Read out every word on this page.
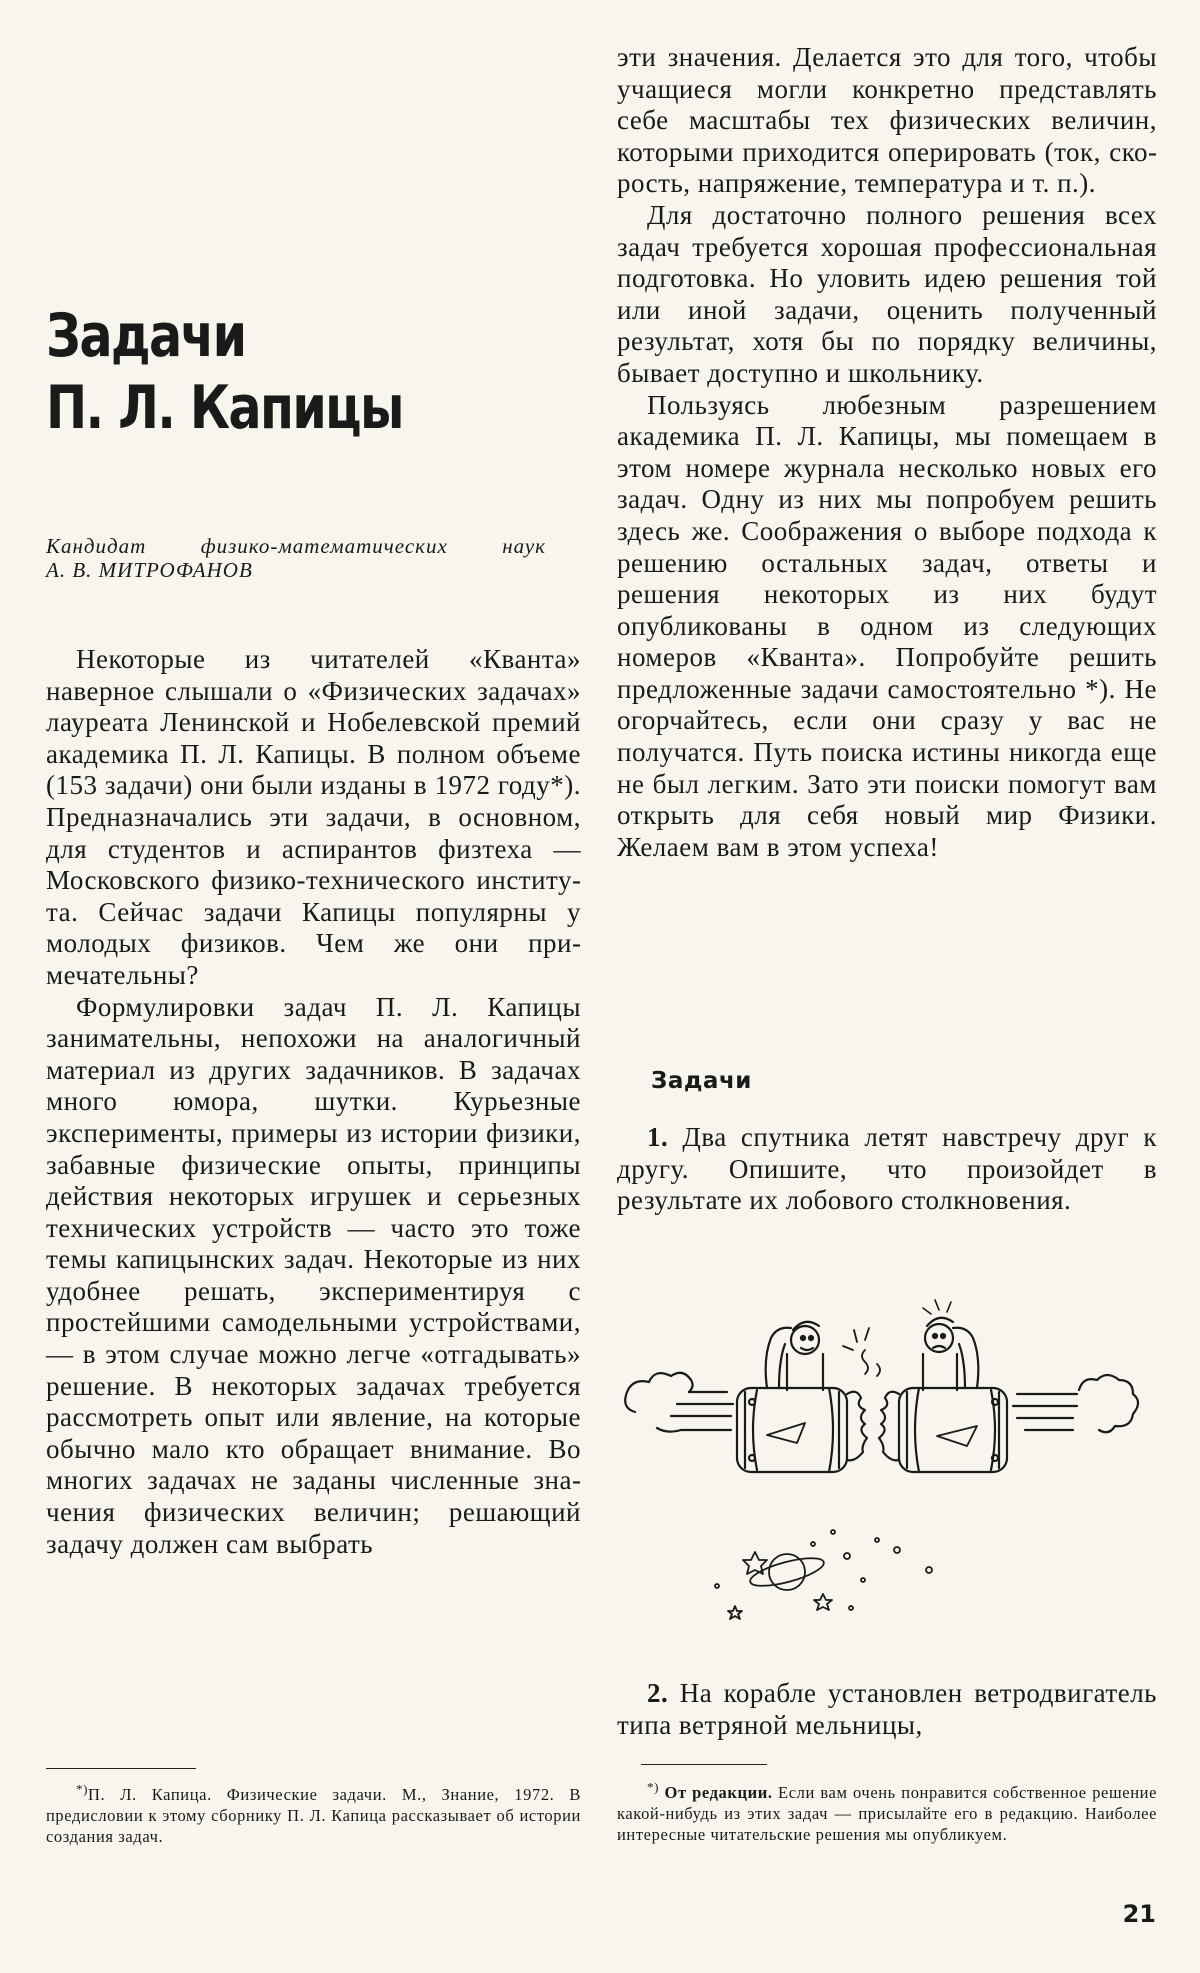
Задачи
П. Л. Капицы
Кандидат физико-математических наук
А. В. МИТРОФАНОВ

Некоторые из читателей «Кванта» наверное слышали о «Физических задачах» лауреата Ленинской и Нобелевской премий академика П. Л. Капицы. В полном объеме (153 задачи) они были изданы в 1972 году*). Предназначались эти задачи, в основном, для студентов и аспирантов физтеха — Московского физико-технического института. Сейчас задачи Капицы популярны у молодых физиков. Чем же они примечательны?

Формулировки задач П. Л. Капицы занимательны, непохожи на аналогичный материал из других задачников. В задачах много юмора, шутки. Курьезные эксперименты, примеры из истории физики, забавные физические опыты, принципы действия некоторых игрушек и серьезных технических устройств — часто это тоже темы капицынских задач. Некоторые из них удобнее решать, экспериментируя с простейшими самодельными устройствами,— в этом случае можно легче «отгадывать» решение. В некоторых задачах требуется рассмотреть опыт или явление, на которые обычно мало кто обращает внимание. Во многих задачах не заданы численные значения физических величин; решающий задачу должен сам выбрать

*)П. Л. Капица. Физические задачи. М., Знание, 1972. В предисловии к этому сборнику П. Л. Капица рассказывает об истории создания задач.

эти значения. Делается это для того, чтобы учащиеся могли конкретно представлять себе масштабы тех физических величин, которыми приходится оперировать (ток, скорость, напряжение, температура и т. п.).

Для достаточно полного решения всех задач требуется хорошая профессиональная подготовка. Но уловить идею решения той или иной задачи, оценить полученный результат, хотя бы по порядку величины, бывает доступно и школьнику.

Пользуясь любезным разрешением академика П. Л. Капицы, мы помещаем в этом номере журнала несколько новых его задач. Одну из них мы попробуем решить здесь же. Соображения о выборе подхода к решению остальных задач, ответы и решения некоторых из них будут опубликованы в одном из следующих номеров «Кванта». Попробуйте решить предложенные задачи самостоятельно *). Не огорчайтесь, если они сразу у вас не получатся. Путь поиска истины никогда еще не был легким. Зато эти поиски помогут вам открыть для себя новый мир Физики. Желаем вам в этом успеха!

Задачи

1. Два спутника летят навстречу друг к другу. Опишите, что произойдет в результате их лобового столкновения.

2. На корабле установлен ветродвигатель типа ветряной мельницы,

*) От редакции. Если вам очень понравится собственное решение какой-нибудь из этих задач — присылайте его в редакцию. Наиболее интересные читательские решения мы опубликуем.

21
